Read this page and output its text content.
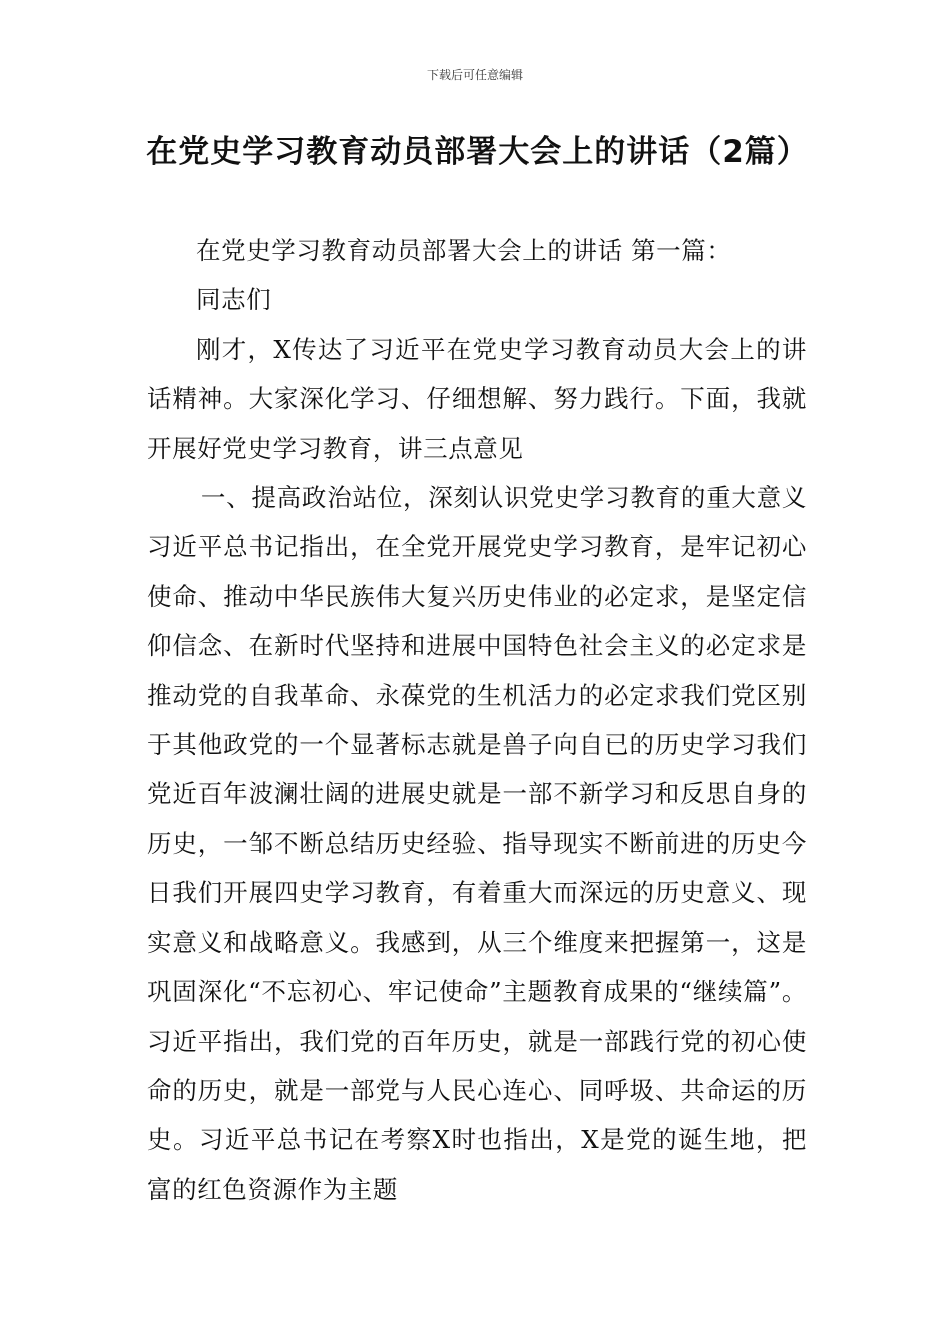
下载后可任意编辑
在党史学习教育动员部署大会上的讲话（2篇）

在党史学习教育动员部署大会上的讲话 第一篇：

同志们

刚才，X传达了习近平在党史学习教育动员大会上的讲话精神。大家深化学习、仔细想解、努力践行。下面，我就开展好党史学习教育，讲三点意见

一、提高政治站位，深刻认识党史学习教育的重大意义习近平总书记指出，在全党开展党史学习教育，是牢记初心使命、推动中华民族伟大复兴历史伟业的必定求，是坚定信仰信念、在新时代坚持和进展中国特色社会主义的必定求是推动党的自我革命、永葆党的生机活力的必定求我们党区别于其他政党的一个显著标志就是兽子向自已的历史学习我们党近百年波澜壮阔的进展史就是一部不新学习和反思自身的历史，一邹不断总结历史经验、指导现实不断前进的历史今日我们开展四史学习教育，有着重大而深远的历史意义、现实意义和战略意义。我感到，从三个维度来把握第一，这是巩固深化“不忘初心、牢记使命”主题教育成果的“继续篇”。习近平指出，我们党的百年历史，就是一部践行党的初心使命的历史，就是一部党与人民心连心、同呼圾、共命运的历史。习近平总书记在考察X时也指出，X是党的诞生地，把富的红色资源作为主题
